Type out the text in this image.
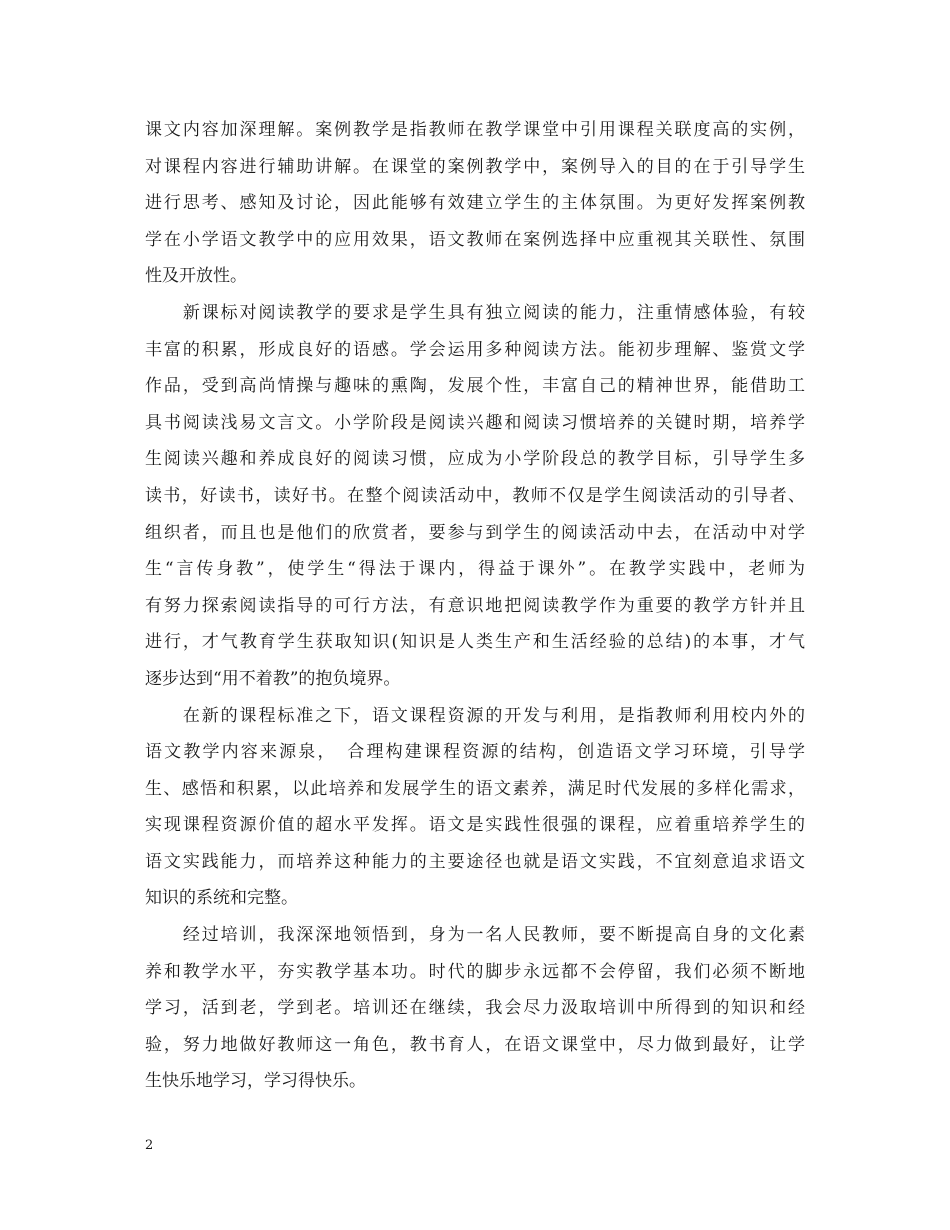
课文内容加深理解。案例教学是指教师在教学课堂中引用课程关联度高的实例，
对课程内容进行辅助讲解。在课堂的案例教学中，案例导入的目的在于引导学生
进行思考、感知及讨论，因此能够有效建立学生的主体氛围。为更好发挥案例教
学在小学语文教学中的应用效果，语文教师在案例选择中应重视其关联性、氛围
性及开放性。
　　新课标对阅读教学的要求是学生具有独立阅读的能力，注重情感体验，有较
丰富的积累，形成良好的语感。学会运用多种阅读方法。能初步理解、鉴赏文学
作品，受到高尚情操与趣味的熏陶，发展个性，丰富自己的精神世界，能借助工
具书阅读浅易文言文。小学阶段是阅读兴趣和阅读习惯培养的关键时期，培养学
生阅读兴趣和养成良好的阅读习惯，应成为小学阶段总的教学目标，引导学生多
读书，好读书，读好书。在整个阅读活动中，教师不仅是学生阅读活动的引导者、
组织者，而且也是他们的欣赏者，要参与到学生的阅读活动中去，在活动中对学
生“言传身教”，使学生“得法于课内，得益于课外”。在教学实践中，老师为
有努力探索阅读指导的可行方法，有意识地把阅读教学作为重要的教学方针并且
进行，才气教育学生获取知识(知识是人类生产和生活经验的总结)的本事，才气
逐步达到“用不着教”的抱负境界。
　　在新的课程标准之下，语文课程资源的开发与利用，是指教师利用校内外的
语文教学内容来源泉，　合理构建课程资源的结构，创造语文学习环境，引导学
生、感悟和积累，以此培养和发展学生的语文素养，满足时代发展的多样化需求，
实现课程资源价值的超水平发挥。语文是实践性很强的课程，应着重培养学生的
语文实践能力，而培养这种能力的主要途径也就是语文实践，不宜刻意追求语文
知识的系统和完整。
　　经过培训，我深深地领悟到，身为一名人民教师，要不断提高自身的文化素
养和教学水平，夯实教学基本功。时代的脚步永远都不会停留，我们必须不断地
学习，活到老，学到老。培训还在继续，我会尽力汲取培训中所得到的知识和经
验，努力地做好教师这一角色，教书育人，在语文课堂中，尽力做到最好，让学
生快乐地学习，学习得快乐。
2
